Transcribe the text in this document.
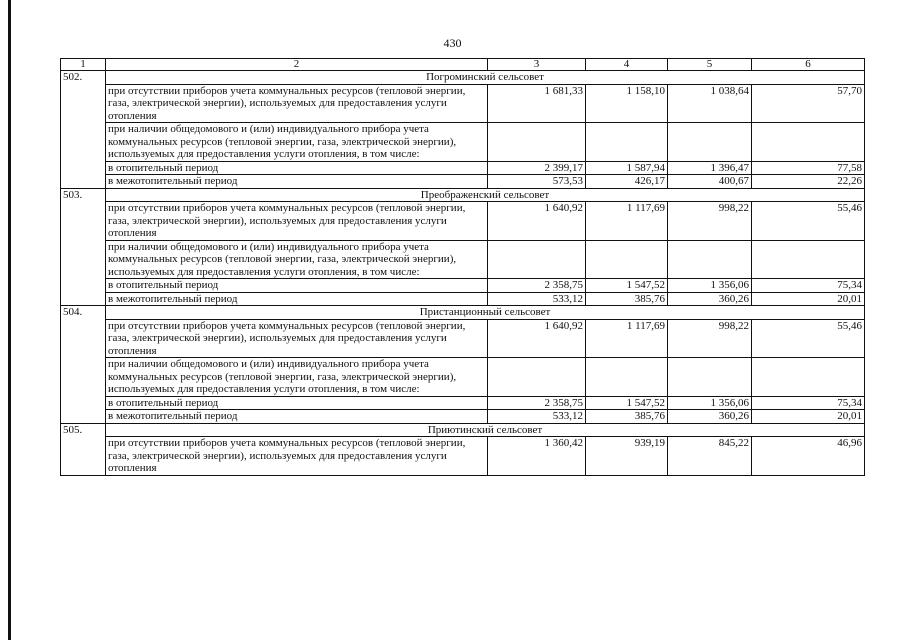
430
1	2	3	4	5	6
502.	Погроминский сельсовет				
	при отсутствии приборов учета коммунальных ресурсов (тепловой энергии, газа, электрической энергии), используемых для предоставления услуги отопления	1 681,33	1 158,10	1 038,64	57,70
	при наличии общедомового и (или) индивидуального прибора учета коммунальных ресурсов (тепловой энергии, газа, электрической энергии), используемых для предоставления услуги отопления, в том числе:				
	в отопительный период	2 399,17	1 587,94	1 396,47	77,58
	в межотопительный период	573,53	426,17	400,67	22,26
503.	Преображенский сельсовет				
	при отсутствии приборов учета коммунальных ресурсов (тепловой энергии, газа, электрической энергии), используемых для предоставления услуги отопления	1 640,92	1 117,69	998,22	55,46
	при наличии общедомового и (или) индивидуального прибора учета коммунальных ресурсов (тепловой энергии, газа, электрической энергии), используемых для предоставления услуги отопления, в том числе:				
	в отопительный период	2 358,75	1 547,52	1 356,06	75,34
	в межотопительный период	533,12	385,76	360,26	20,01
504.	Пристанционный сельсовет				
	при отсутствии приборов учета коммунальных ресурсов (тепловой энергии, газа, электрической энергии), используемых для предоставления услуги отопления	1 640,92	1 117,69	998,22	55,46
	при наличии общедомового и (или) индивидуального прибора учета коммунальных ресурсов (тепловой энергии, газа, электрической энергии), используемых для предоставления услуги отопления, в том числе:				
	в отопительный период	2 358,75	1 547,52	1 356,06	75,34
	в межотопительный период	533,12	385,76	360,26	20,01
505.	Приютинский сельсовет				
	при отсутствии приборов учета коммунальных ресурсов (тепловой энергии, газа, электрической энергии), используемых для предоставления услуги отопления	1 360,42	939,19	845,22	46,96
